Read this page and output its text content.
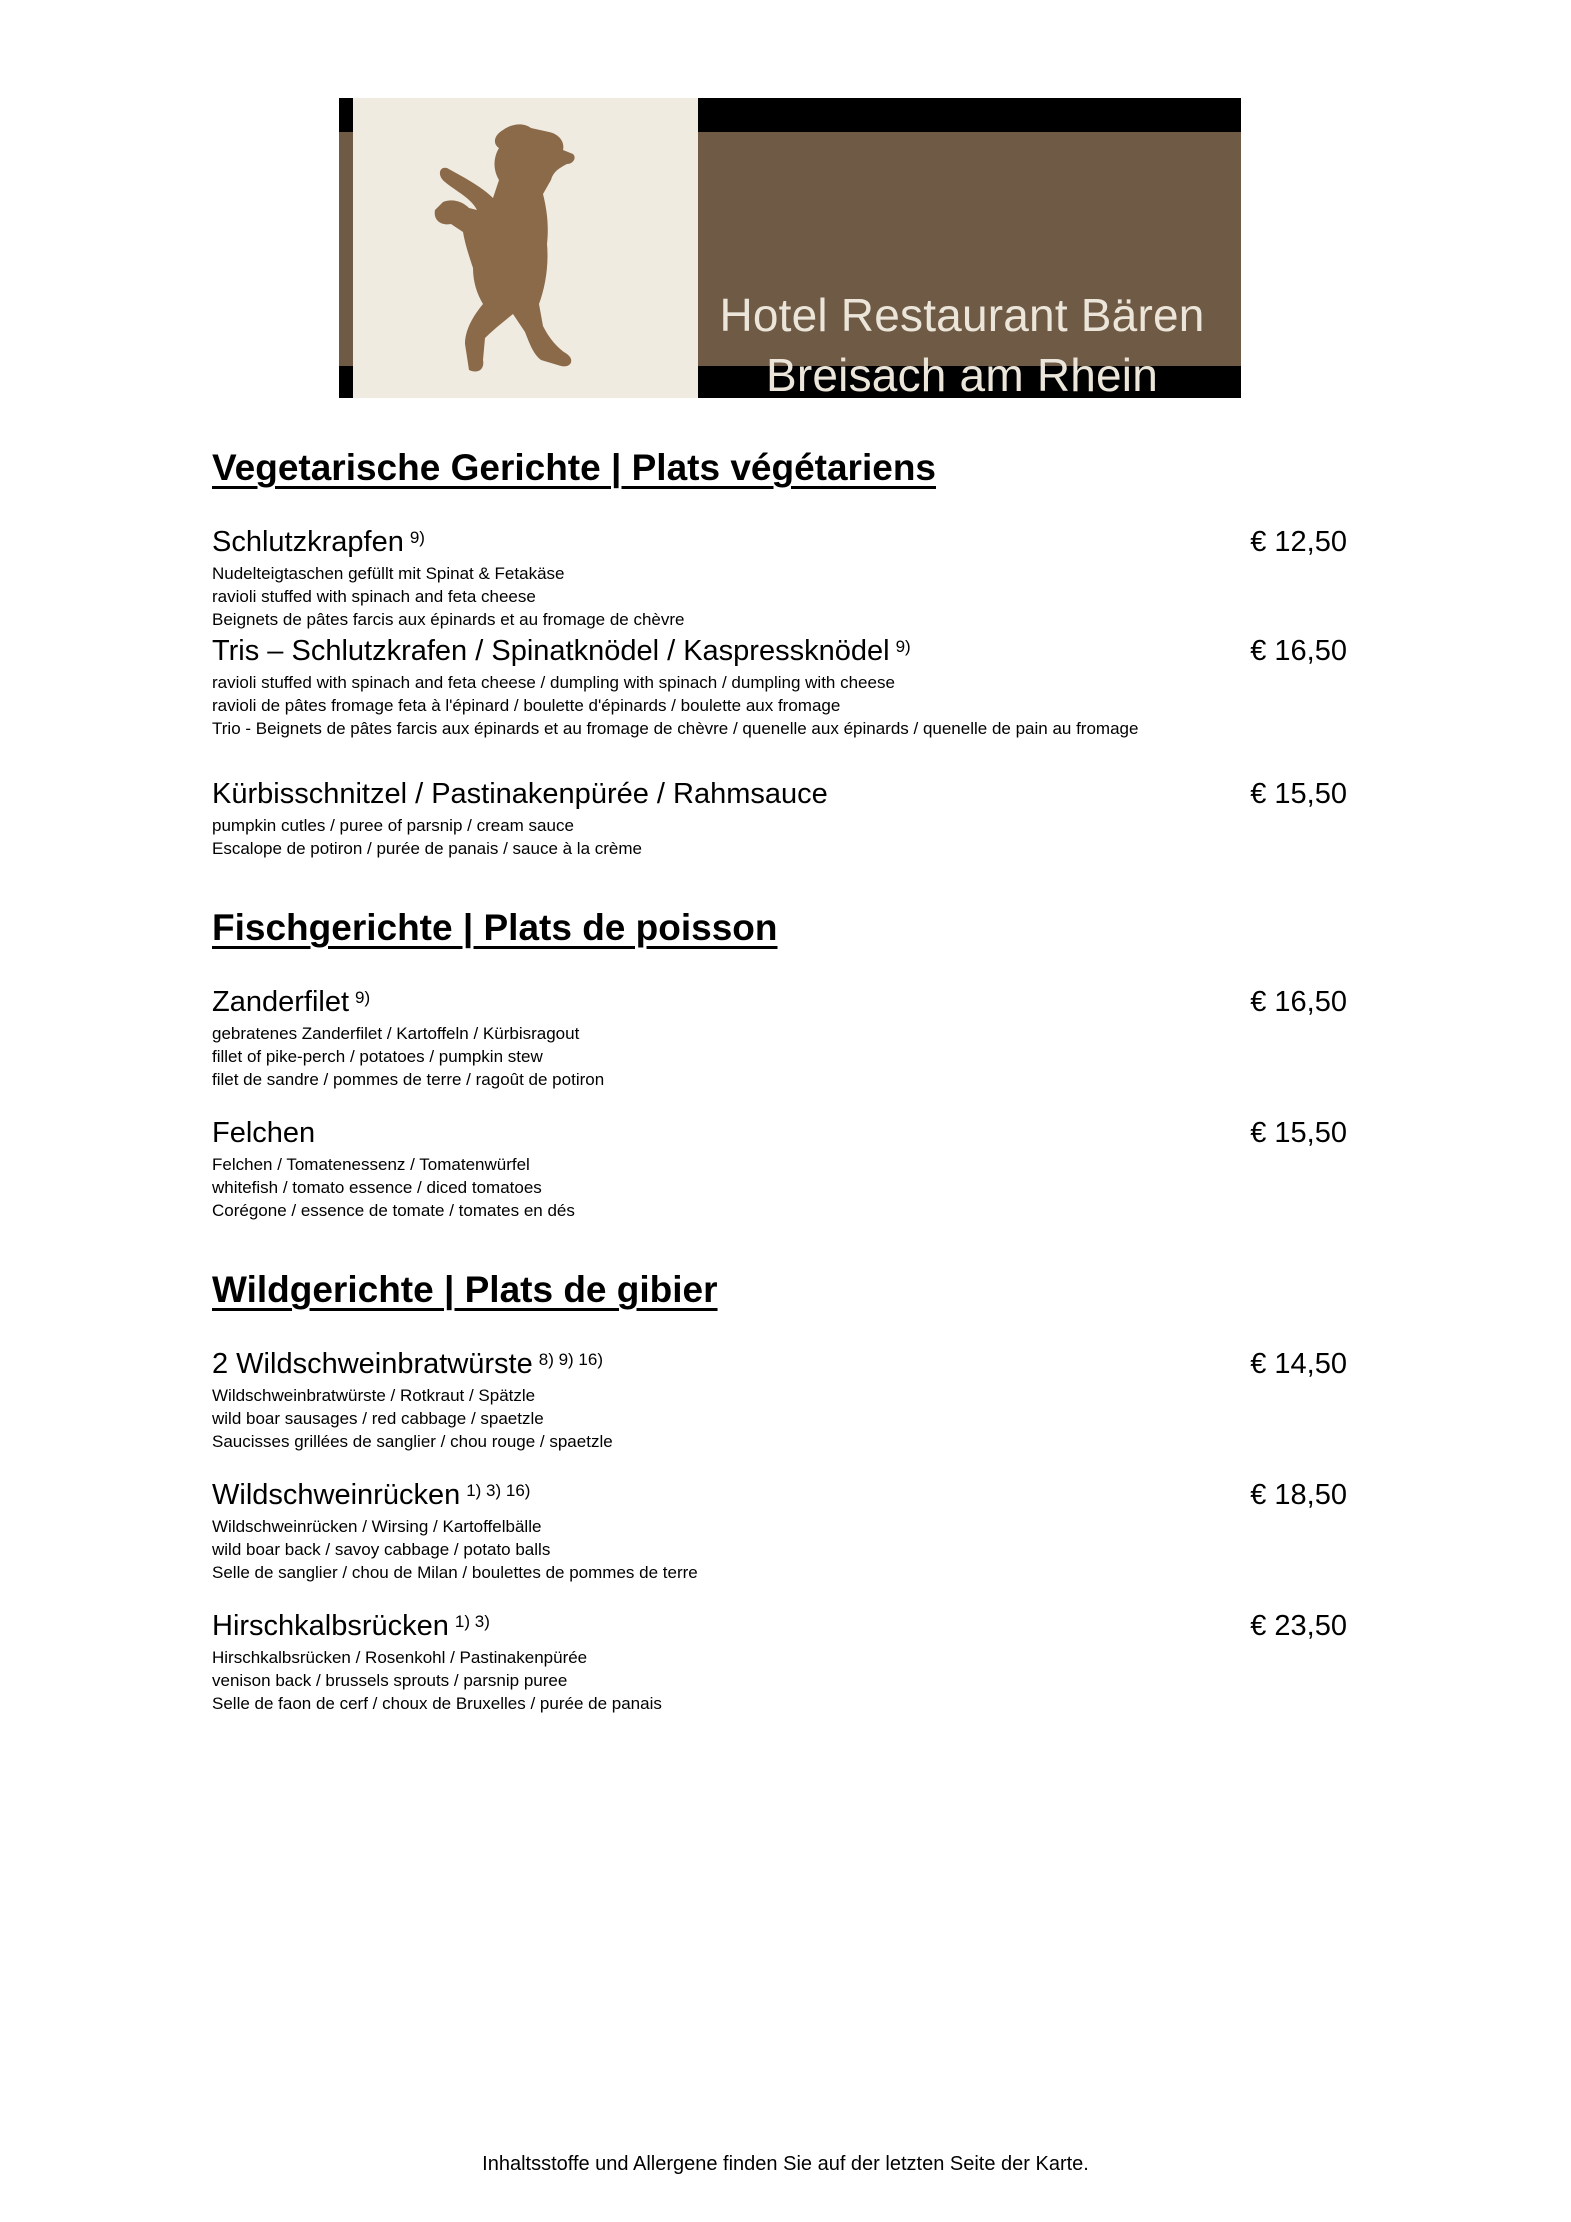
Hotel Restaurant Bären
Breisach am Rhein
Vegetarische Gerichte | Plats végétariens
Schlutzkrapfen $^{9)}$	€ 12,50
Nudelteigtaschen gefüllt mit Spinat & Fetakäse
ravioli stuffed with spinach and feta cheese
Beignets de pâtes farcis aux épinards et au fromage de chèvre
Tris – Schlutzkrafen / Spinatknödel / Kaspressknödel $^{9)}$	€ 16,50
ravioli stuffed with spinach and feta cheese / dumpling with spinach / dumpling with cheese
ravioli de pâtes fromage feta à l'épinard / boulette d'épinards / boulette aux fromage
Trio - Beignets de pâtes farcis aux épinards et au fromage de chèvre / quenelle aux épinards / quenelle de pain au fromage
Kürbisschnitzel / Pastinakenpürée / Rahmsauce	€ 15,50
pumpkin cutles / puree of parsnip / cream sauce
Escalope de potiron / purée de panais / sauce à la crème
Fischgerichte | Plats de poisson
Zanderfilet $^{9)}$	€ 16,50
gebratenes Zanderfilet / Kartoffeln / Kürbisragout
fillet of pike-perch / potatoes / pumpkin stew
filet de sandre / pommes de terre / ragoût de potiron
Felchen	€ 15,50
Felchen / Tomatenessenz / Tomatenwürfel
whitefish / tomato essence / diced tomatoes
Corégone / essence de tomate / tomates en dés
Wildgerichte | Plats de gibier
2 Wildschweinbratwürste $^{8) 9) 16)}$	€ 14,50
Wildschweinbratwürste / Rotkraut / Spätzle
wild boar sausages / red cabbage / spaetzle
Saucisses grillées de sanglier / chou rouge / spaetzle
Wildschweinrücken $^{1) 3) 16)}$	€ 18,50
Wildschweinrücken / Wirsing / Kartoffelbälle
wild boar back / savoy cabbage / potato balls
Selle de sanglier / chou de Milan / boulettes de pommes de terre
Hirschkalbsrücken $^{1) 3)}$	€ 23,50
Hirschkalbsrücken / Rosenkohl / Pastinakenpürée
venison back / brussels sprouts / parsnip puree
Selle de faon de cerf / choux de Bruxelles / purée de panais
Inhaltsstoffe und Allergene finden Sie auf der letzten Seite der Karte.
